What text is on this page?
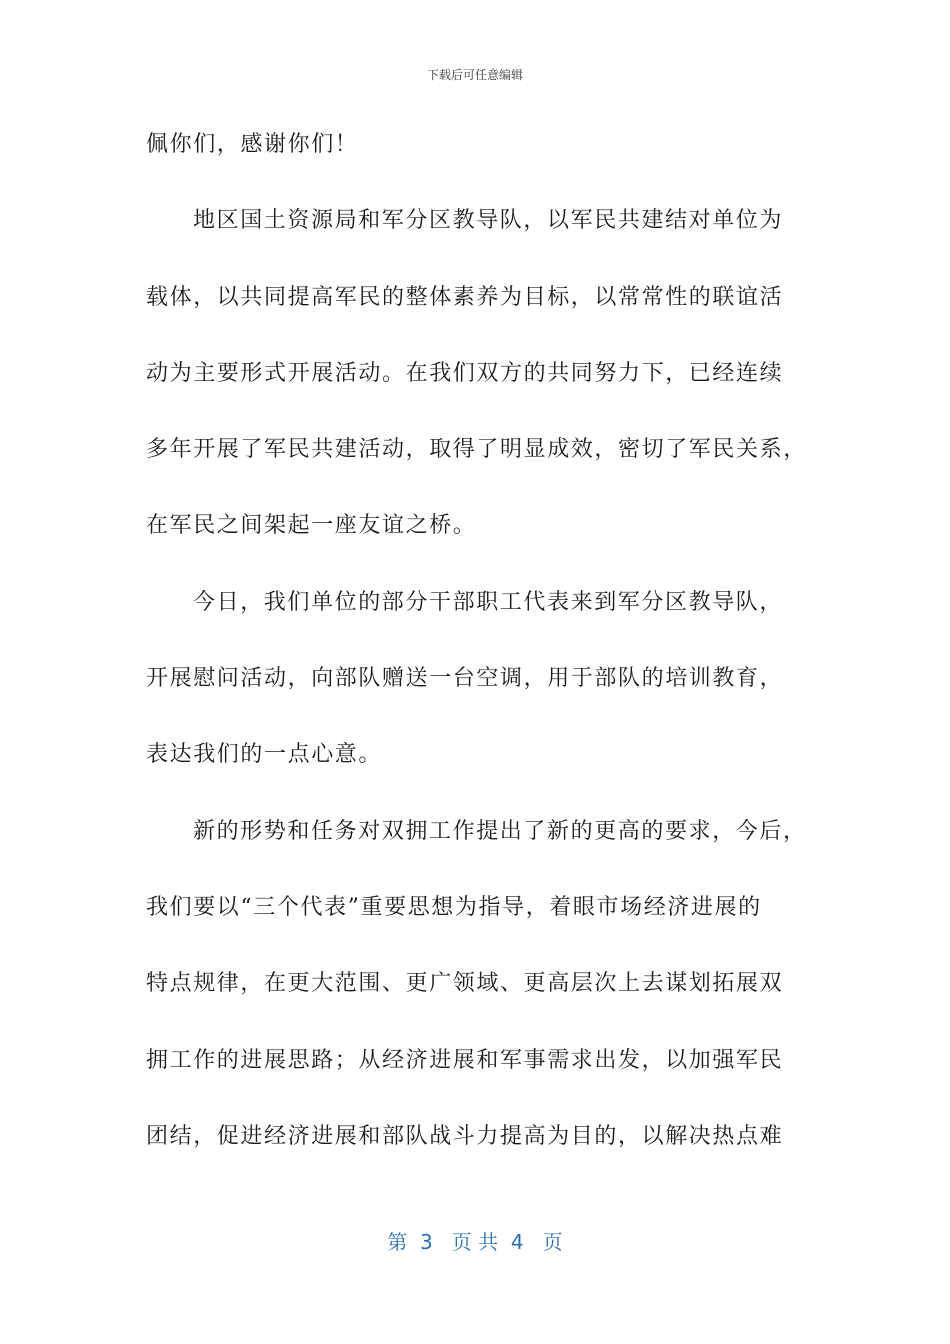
下载后可任意编辑
佩你们，感谢你们！
地区国土资源局和军分区教导队，以军民共建结对单位为
载体，以共同提高军民的整体素养为目标，以常常性的联谊活
动为主要形式开展活动。在我们双方的共同努力下，已经连续
多年开展了军民共建活动，取得了明显成效，密切了军民关系，
在军民之间架起一座友谊之桥。
今日，我们单位的部分干部职工代表来到军分区教导队，
开展慰问活动，向部队赠送一台空调，用于部队的培训教育，
表达我们的一点心意。
新的形势和任务对双拥工作提出了新的更高的要求，今后，
我们要以“三个代表”重要思想为指导，着眼市场经济进展的
特点规律，在更大范围、更广领域、更高层次上去谋划拓展双
拥工作的进展思路；从经济进展和军事需求出发，以加强军民
团结，促进经济进展和部队战斗力提高为目的，以解决热点难
第  3   页 共  4   页
